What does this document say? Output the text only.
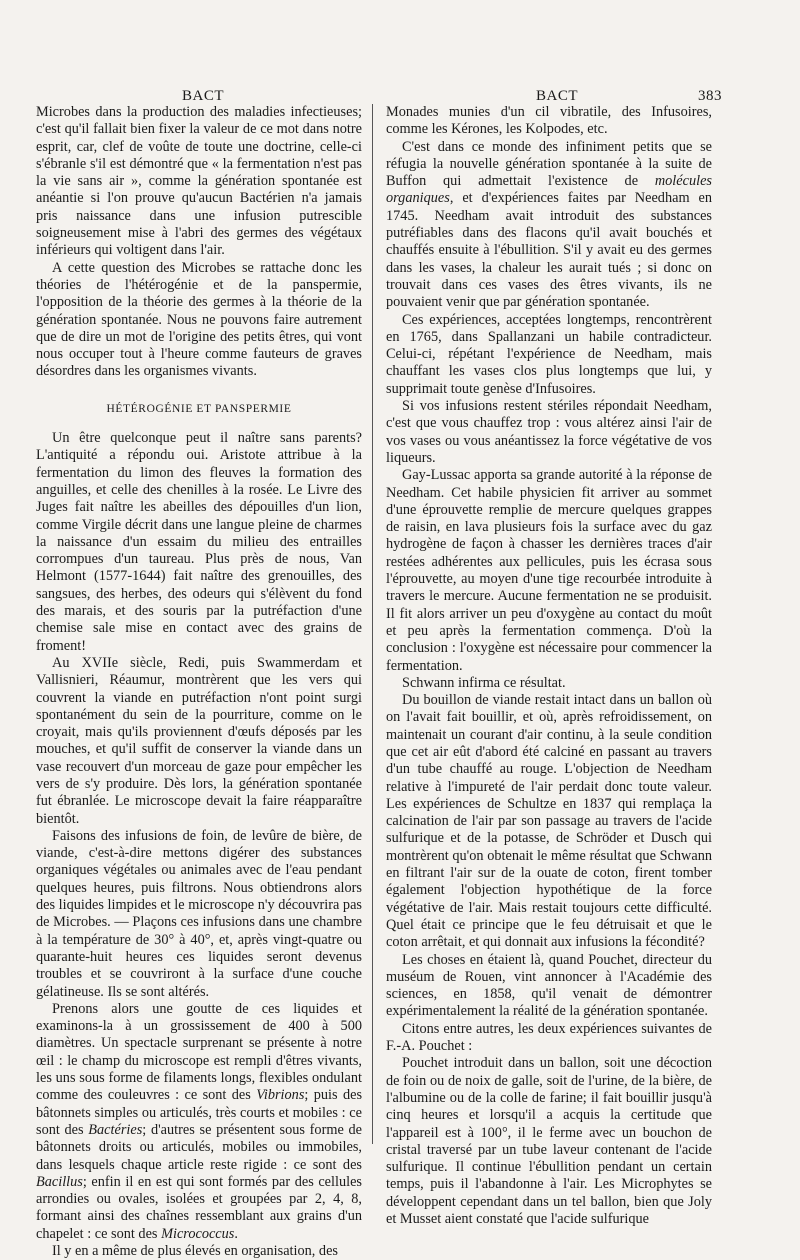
BACT	BACT	383

Microbes dans la production des maladies infectieuses; c'est qu'il fallait bien fixer la valeur de ce mot dans notre esprit, car, clef de voûte de toute une doctrine, celle-ci s'ébranle s'il est démontré que « la fermentation n'est pas la vie sans air », comme la génération spontanée est anéantie si l'on prouve qu'aucun Bactérien n'a jamais pris naissance dans une infusion putrescible soigneusement mise à l'abri des germes des végétaux inférieurs qui voltigent dans l'air.

A cette question des Microbes se rattache donc les théories de l'hétérogénie et de la panspermie, l'opposition de la théorie des germes à la théorie de la génération spontanée. Nous ne pouvons faire autrement que de dire un mot de l'origine des petits êtres, qui vont nous occuper tout à l'heure comme fauteurs de graves désordres dans les organismes vivants.

HÉTÉROGÉNIE ET PANSPERMIE

Un être quelconque peut il naître sans parents? L'antiquité a répondu oui. Aristote attribue à la fermentation du limon des fleuves la formation des anguilles, et celle des chenilles à la rosée. Le Livre des Juges fait naître les abeilles des dépouilles d'un lion, comme Virgile décrit dans une langue pleine de charmes la naissance d'un essaim du milieu des entrailles corrompues d'un taureau. Plus près de nous, Van Helmont (1577-1644) fait naître des grenouilles, des sangsues, des herbes, des odeurs qui s'élèvent du fond des marais, et des souris par la putréfaction d'une chemise sale mise en contact avec des grains de froment!

Au XVIIe siècle, Redi, puis Swammerdam et Vallisnieri, Réaumur, montrèrent que les vers qui couvrent la viande en putréfaction n'ont point surgi spontanément du sein de la pourriture, comme on le croyait, mais qu'ils proviennent d'œufs déposés par les mouches, et qu'il suffit de conserver la viande dans un vase recouvert d'un morceau de gaze pour empêcher les vers de s'y produire. Dès lors, la génération spontanée fut ébranlée. Le microscope devait la faire réapparaître bientôt.

Faisons des infusions de foin, de levûre de bière, de viande, c'est-à-dire mettons digérer des substances organiques végétales ou animales avec de l'eau pendant quelques heures, puis filtrons. Nous obtiendrons alors des liquides limpides et le microscope n'y découvrira pas de Microbes. — Plaçons ces infusions dans une chambre à la température de 30° à 40°, et, après vingt-quatre ou quarante-huit heures ces liquides seront devenus troubles et se couvriront à la surface d'une couche gélatineuse. Ils se sont altérés.

Prenons alors une goutte de ces liquides et examinons-la à un grossissement de 400 à 500 diamètres. Un spectacle surprenant se présente à notre œil : le champ du microscope est rempli d'êtres vivants, les uns sous forme de filaments longs, flexibles ondulant comme des couleuvres : ce sont des Vibrions; puis des bâtonnets simples ou articulés, très courts et mobiles : ce sont des Bactéries; d'autres se présentent sous forme de bâtonnets droits ou articulés, mobiles ou immobiles, dans lesquels chaque article reste rigide : ce sont des Bacillus; enfin il en est qui sont formés par des cellules arrondies ou ovales, isolées et groupées par 2, 4, 8, formant ainsi des chaînes ressemblant aux grains d'un chapelet : ce sont des Micrococcus.

Il y en a même de plus élevés en organisation, des

Monades munies d'un cil vibratile, des Infusoires, comme les Kérones, les Kolpodes, etc.

C'est dans ce monde des infiniment petits que se réfugia la nouvelle génération spontanée à la suite de Buffon qui admettait l'existence de molécules organiques, et d'expériences faites par Needham en 1745. Needham avait introduit des substances putréfiables dans des flacons qu'il avait bouchés et chauffés ensuite à l'ébullition. S'il y avait eu des germes dans les vases, la chaleur les aurait tués ; si donc on trouvait dans ces vases des êtres vivants, ils ne pouvaient venir que par génération spontanée.

Ces expériences, acceptées longtemps, rencontrèrent en 1765, dans Spallanzani un habile contradicteur. Celui-ci, répétant l'expérience de Needham, mais chauffant les vases clos plus longtemps que lui, y supprimait toute genèse d'Infusoires.

Si vos infusions restent stériles répondait Needham, c'est que vous chauffez trop : vous altérez ainsi l'air de vos vases ou vous anéantissez la force végétative de vos liqueurs.

Gay-Lussac apporta sa grande autorité à la réponse de Needham. Cet habile physicien fit arriver au sommet d'une éprouvette remplie de mercure quelques grappes de raisin, en lava plusieurs fois la surface avec du gaz hydrogène de façon à chasser les dernières traces d'air restées adhérentes aux pellicules, puis les écrasa sous l'éprouvette, au moyen d'une tige recourbée introduite à travers le mercure. Aucune fermentation ne se produisit. Il fit alors arriver un peu d'oxygène au contact du moût et peu après la fermentation commença. D'où la conclusion : l'oxygène est nécessaire pour commencer la fermentation.

Schwann infirma ce résultat.

Du bouillon de viande restait intact dans un ballon où on l'avait fait bouillir, et où, après refroidissement, on maintenait un courant d'air continu, à la seule condition que cet air eût d'abord été calciné en passant au travers d'un tube chauffé au rouge. L'objection de Needham relative à l'impureté de l'air perdait donc toute valeur. Les expériences de Schultze en 1837 qui remplaça la calcination de l'air par son passage au travers de l'acide sulfurique et de la potasse, de Schröder et Dusch qui montrèrent qu'on obtenait le même résultat que Schwann en filtrant l'air sur de la ouate de coton, firent tomber également l'objection hypothétique de la force végétative de l'air. Mais restait toujours cette difficulté. Quel était ce principe que le feu détruisait et que le coton arrêtait, et qui donnait aux infusions la fécondité?

Les choses en étaient là, quand Pouchet, directeur du muséum de Rouen, vint annoncer à l'Académie des sciences, en 1858, qu'il venait de démontrer expérimentalement la réalité de la génération spontanée.

Citons entre autres, les deux expériences suivantes de F.-A. Pouchet :

Pouchet introduit dans un ballon, soit une décoction de foin ou de noix de galle, soit de l'urine, de la bière, de l'albumine ou de la colle de farine; il fait bouillir jusqu'à cinq heures et lorsqu'il a acquis la certitude que l'appareil est à 100°, il le ferme avec un bouchon de cristal traversé par un tube laveur contenant de l'acide sulfurique. Il continue l'ébullition pendant un certain temps, puis il l'abandonne à l'air. Les Microphytes se développent cependant dans un tel ballon, bien que Joly et Musset aient constaté que l'acide sulfurique
